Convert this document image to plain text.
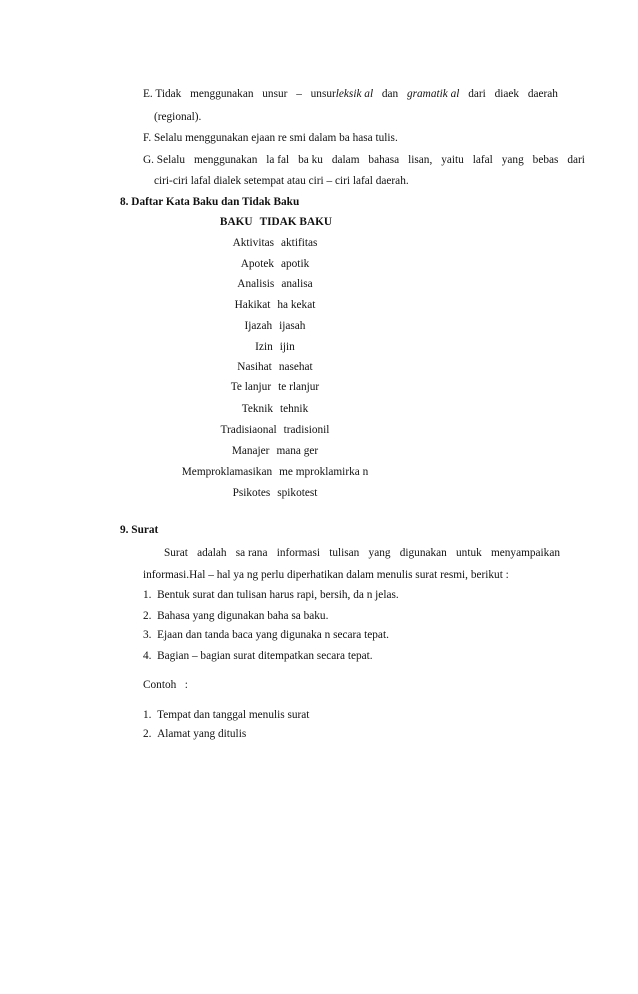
E. Tidak menggunakan unsur – unsurleksik al dan gramatik al dari diaek daerah
(regional).
F. Selalu menggunakan ejaan re smi dalam ba hasa tulis.
G. Selalu menggunakan la fal ba ku dalam bahasa lisan, yaitu lafal yang bebas dari
ciri-ciri lafal dialek setempat atau ciri – ciri lafal daerah.
8. Daftar Kata Baku dan Tidak Baku
BAKU TIDAK BAKU
Aktivitas aktifitas
Apotek apotik
Analisis analisa
Hakikat ha kekat
Ijazah ijasah
Izin ijin
Nasihat nasehat
Te lanjur te rlanjur
Teknik tehnik
Tradisiaonal tradisionil
Manajer mana ger
Memproklamasikan me mproklamirka n
Psikotes spikotest
9. Surat
Surat adalah sa rana informasi tulisan yang digunakan untuk menyampaikan
informasi.Hal – hal ya ng perlu diperhatikan dalam menulis surat resmi, berikut :
1.  Bentuk surat dan tulisan harus rapi, bersih, da n jelas.
2.  Bahasa yang digunakan baha sa baku.
3.  Ejaan dan tanda baca yang digunaka n secara tepat.
4.  Bagian – bagian surat ditempatkan secara tepat.
Contoh   :
1.  Tempat dan tanggal menulis surat
2.  Alamat yang ditulis
